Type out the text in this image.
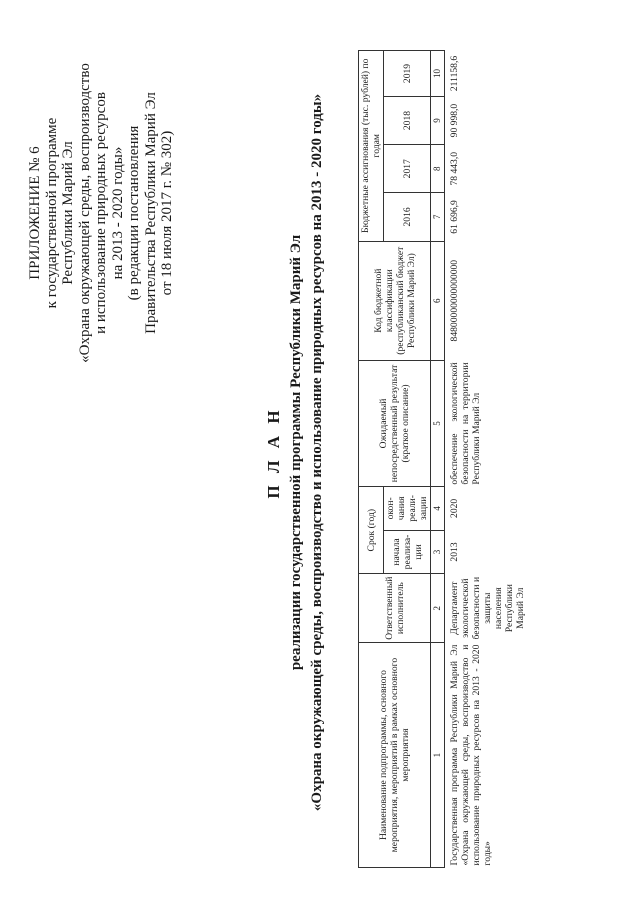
ПРИЛОЖЕНИЕ № 6 к государственной программе Республики Марий Эл «Охрана окружающей среды, воспроизводство и использование природных ресурсов на 2013 - 2020 годы» (в редакции постановления Правительства Республики Марий Эл от 18 июля 2017 г. № 302)
П Л А Н реализации государственной программы Республики Марий Эл «Охрана окружающей среды, воспроизводство и использование природных ресурсов на 2013 - 2020 годы»	Наименование подпрограммы, основного мероприятия, мероприятий в рамках основного мероприятия	Ответственный исполнитель	Срок (год)		Ожидаемый непосредственный результат (краткое описание)	Код бюджетной классификации (республиканский бюджет Республики Марий Эл)	Бюджетные ассигнования (тыс. рублей) по годам			
		начала реализа-ции	окон-чания реали-зации			2016	2017	2018	2019
1	2	3	4	5	6	7	8	9	10
Государственная программа Республики Марий Эл «Охрана окружающей среды, воспроизводство и использование природных ресурсов на 2013 - 2020 годы»	Департамент экологической безопасности и защиты населения Республики Марий Эл	2013	2020	обеспечение экологической безопасности на территории Республики Марий Эл	84800000000000000	61 696,9	78 443,0	90 998,0	211158,6
